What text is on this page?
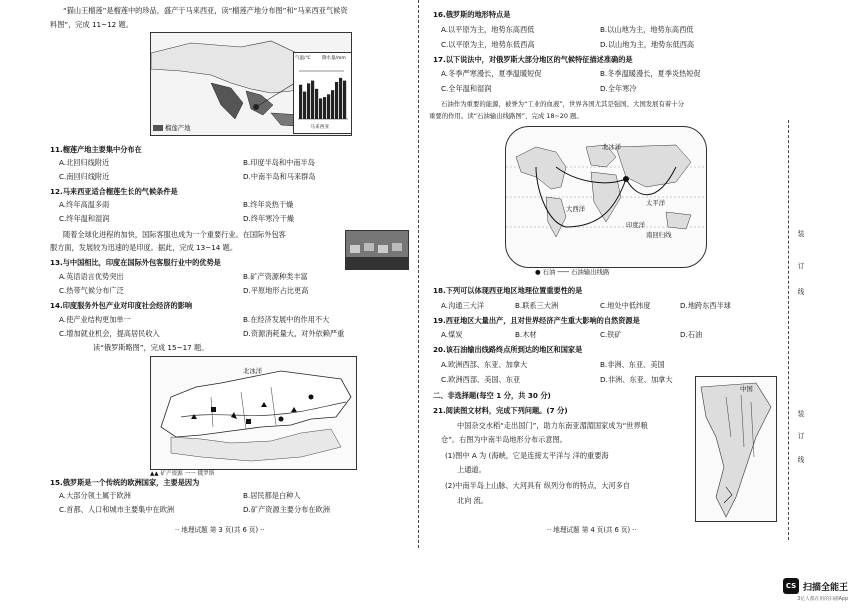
“猫山王榴莲”是榴莲中的珍品，盛产于马来西亚，读“榴莲产地分布图”和“马来西亚气候资
料图”，完成 11~12 题。
榴莲产地
气温/℃	降水量/mm
马来西亚
11.榴莲产地主要集中分布在
A.北回归线附近	B.印度半岛和中南半岛
C.南回归线附近	D.中南半岛和马来群岛
12.马来西亚适合榴莲生长的气候条件是
A.终年高温多雨	B.终年炎热干燥
C.终年温和湿润	D.终年寒冷干燥
随着全球化进程的加快，国际客服也成为一个重要行业。在国际外包客
服方面，发展较为迅速的是印度。据此，完成 13~14 题。
13.与中国相比，印度在国际外包客服行业中的优势是
A.英语语言优势突出	B.矿产资源种类丰富
C.热带气候分布广泛	D.平原地形占比更高
14.印度服务外包产业对印度社会经济的影响
A.使产业结构更加单一	B.在经济发展中的作用不大
C.增加就业机会，提高居民收入	D.资源消耗量大，对外依赖严重
读“俄罗斯略图”，完成 15~17 题。
北冰洋
▲▲ 矿产资源 一一 俄罗斯
15.俄罗斯是一个传统的欧洲国家，主要是因为
A.大部分领土属于欧洲	B.居民都是白种人
C.首都、人口和城市主要集中在欧洲	D.矿产资源主要分布在欧洲
·· 地理试题 第 3 页(共 6 页) ··
16.俄罗斯的地形特点是
A.以平原为主，地势东高西低	B.以山地为主，地势东高西低
C.以平原为主，地势东低西高	D.以山地为主，地势东低西高
17.以下说法中，对俄罗斯大部分地区的气候特征描述准确的是
A.冬季严寒漫长，夏季温暖短促	B.冬季温暖漫长，夏季炎热短促
C.全年温和湿润	D.全年寒冷
石油作为重要的能源，被誉为“工业的血液”，世界各国尤其是强国、大国发展有着十分
重要的作用。读“石油输出线路图”，完成 18~20 题。
北冰洋
太平洋
大西洋
印度洋
南回归线
● 石油 ─── 石油输出线路
18.下列可以体现西亚地区地理位置重要性的是
A.沟通三大洋	B.联系三大洲	C.地处中低纬度	D.地跨东西半球
19.西亚地区大量出产，且对世界经济产生重大影响的自然资源是
A.煤炭	B.木材	C.铁矿	D.石油
20.该石油输出线路终点所到达的地区和国家是
A.欧洲西部、东亚、加拿大	B.非洲、东亚、美国
C.欧洲西部、美国、东亚	D.非洲、东亚、加拿大
二、非选择题(每空 1 分，共 30 分)
21.阅读图文材料，完成下列问题。(7 分)
中国杂交水稻“走出国门”，助力东南亚湄湄国家成为“世界粮
仓”。右图为中南半岛地形分布示意图。
(1)图中 A 为 (海峡，它是连接太平洋与 洋的重要海
上通道。
(2)中南半岛上山脉、大河具有 纵列分布的特点，大河多自
北向 流。
中国
·· 地理试题 第 4 页(共 6 页) ··
装
订
线
装
订
线
CS 扫描全能王
3亿人都在用的扫描App
